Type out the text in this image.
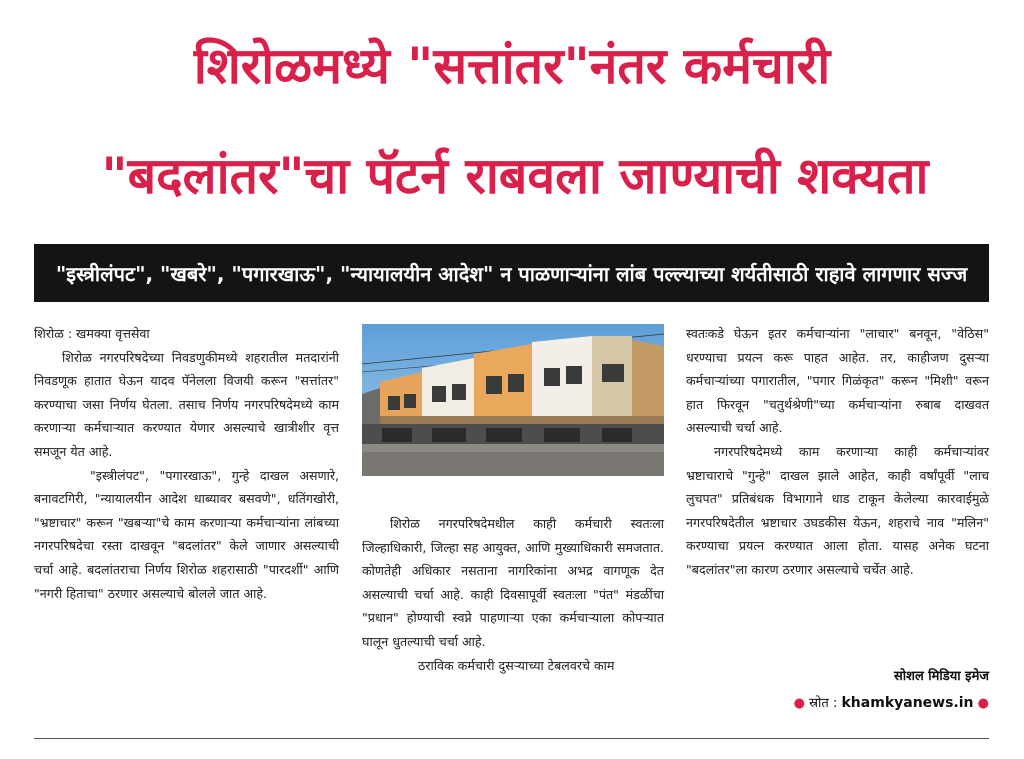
शिरोळमध्ये "सत्तांतर"नंतर कर्मचारी
"बदलांतर"चा पॅटर्न राबवला जाण्याची शक्यता
"इस्त्रीलंपट", "खबरे", "पगारखाऊ", "न्यायालयीन आदेश" न पाळणाऱ्यांना लांब पल्ल्याच्या शर्यतीसाठी राहावे लागणार सज्ज

शिरोळ : खमक्या वृत्तसेवा

शिरोळ नगरपरिषदेच्या निवडणुकीमध्ये शहरातील मतदारांनी निवडणूक हातात घेऊन यादव पॅनेलला विजयी करून "सत्तांतर" करण्याचा जसा निर्णय घेतला. तसाच निर्णय नगरपरिषदेमध्ये काम करणाऱ्या कर्मचाऱ्यात करण्यात येणार असल्याचे खात्रीशीर वृत्त समजून येत आहे.

"इस्त्रीलंपट", "पगारखाऊ", गुन्हे दाखल असणारे, बनावटगिरी, "न्यायालयीन आदेश धाब्यावर बसवणे", धतिंगखोरी, "भ्रष्टाचार" करून "खबऱ्या"चे काम करणाऱ्या कर्मचाऱ्यांना लांबच्या नगरपरिषदेचा रस्ता दाखवून "बदलांतर" केले जाणार असल्याची चर्चा आहे. बदलांतराचा निर्णय शिरोळ शहरासाठी "पारदर्शी" आणि "नगरी हिताचा" ठरणार असल्याचे बोलले जात आहे.

शिरोळ नगरपरिषदेमधील काही कर्मचारी स्वतःला जिल्हाधिकारी, जिल्हा सह आयुक्त, आणि मुख्याधिकारी समजतात. कोणतेही अधिकार नसताना नागरिकांना अभद्र वागणूक देत असल्याची चर्चा आहे. काही दिवसापूर्वी स्वतःला "पंत" मंडळींचा "प्रधान" होण्याची स्वप्ने पाहणाऱ्या एका कर्मचाऱ्याला कोपऱ्यात घालून धुतल्याची चर्चा आहे.

ठराविक कर्मचारी दुसऱ्याच्या टेबलवरचे काम

स्वतःकडे घेऊन इतर कर्मचाऱ्यांना "लाचार" बनवून, "वेठिस" धरण्याचा प्रयत्न करू पाहत आहेत. तर, काहीजण दुसऱ्या कर्मचाऱ्यांच्या पगारातील, "पगार गिळंकृत" करून "मिशी" वरून हात फिरवून "चतुर्थश्रेणी"च्या कर्मचाऱ्यांना रुबाब दाखवत असल्याची चर्चा आहे.

नगरपरिषदेमध्ये काम करणाऱ्या काही कर्मचाऱ्यांवर भ्रष्टाचाराचे "गुन्हे" दाखल झाले आहेत, काही वर्षांपूर्वी "लाच लुचपत" प्रतिबंधक विभागाने धाड टाकून केलेल्या कारवाईमुळे नगरपरिषदेतील भ्रष्टाचार उघडकीस येऊन, शहराचे नाव "मलिन" करण्याचा प्रयत्न करण्यात आला होता. यासह अनेक घटना "बदलांतर"ला कारण ठरणार असल्याचे चर्चेत आहे.

सोशल मिडिया इमेज
● स्रोत : khamkyanews.in ●
